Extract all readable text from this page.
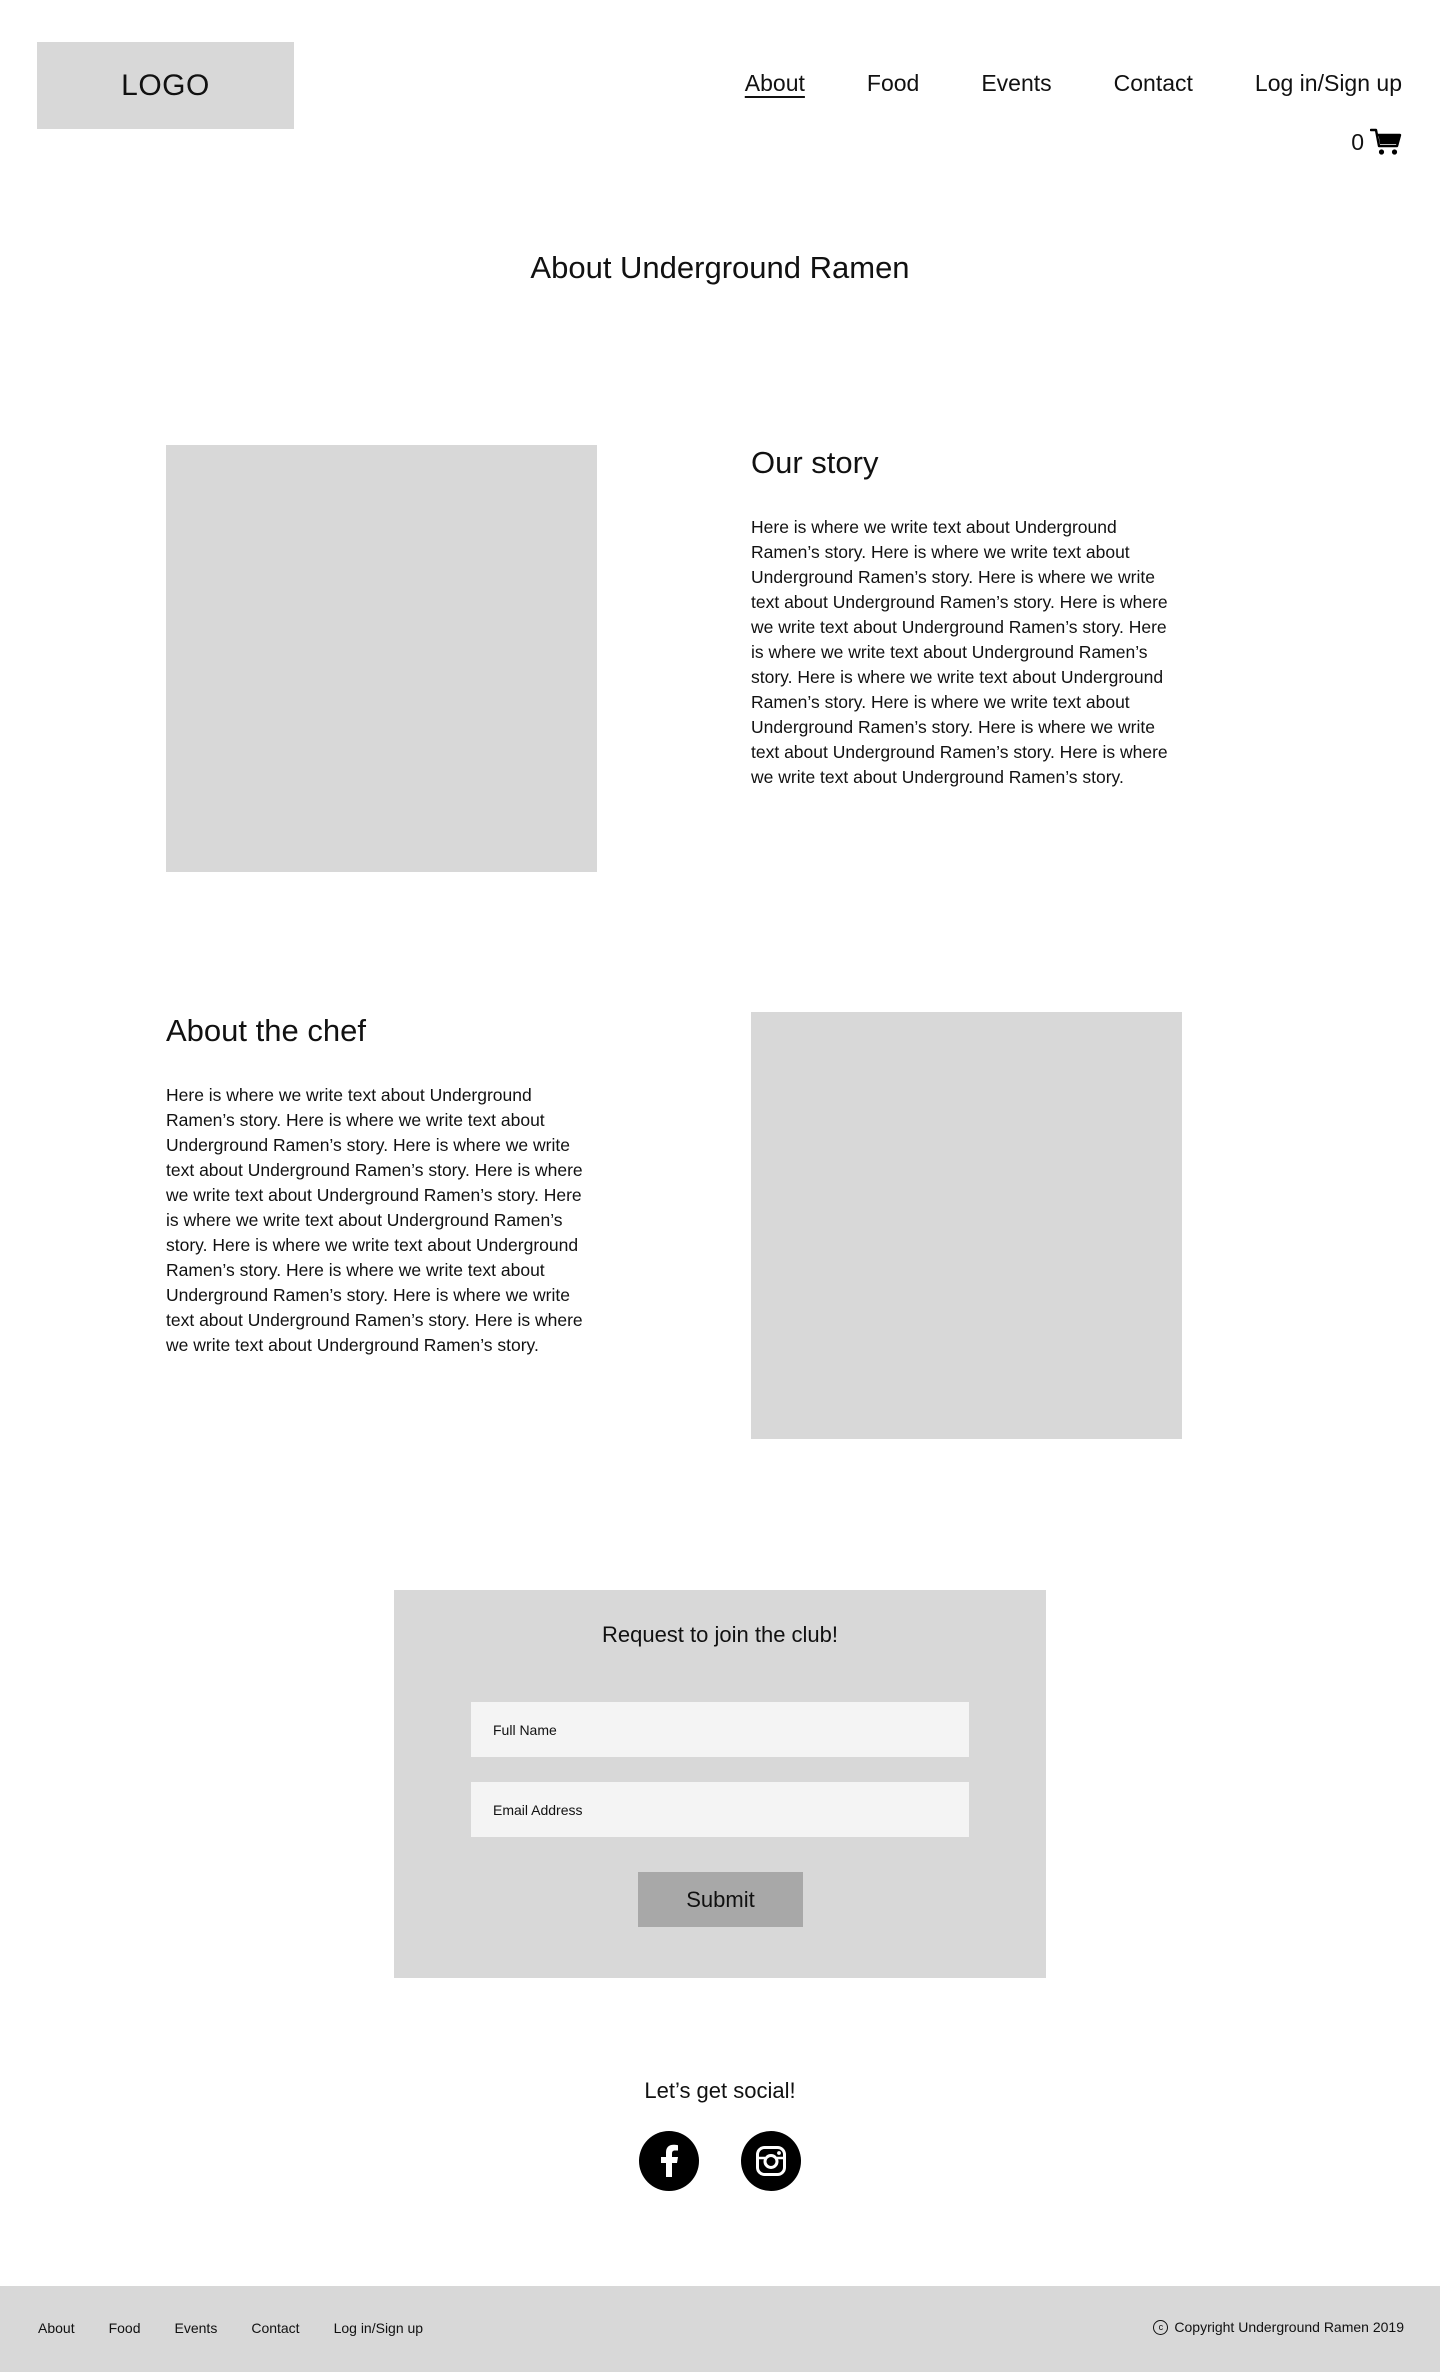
LOGO	About	Food	Events	Contact	Log in/Sign up
0
About Underground Ramen
Our story

Here is where we write text about Underground Ramen’s story. Here is where we write text about Underground Ramen’s story. Here is where we write text about Underground Ramen’s story. Here is where we write text about Underground Ramen’s story. Here is where we write text about Underground Ramen’s story. Here is where we write text about Underground Ramen’s story. Here is where we write text about Underground Ramen’s story. Here is where we write text about Underground Ramen’s story. Here is where we write text about Underground Ramen’s story.

About the chef

Here is where we write text about Underground Ramen’s story. Here is where we write text about Underground Ramen’s story. Here is where we write text about Underground Ramen’s story. Here is where we write text about Underground Ramen’s story. Here is where we write text about Underground Ramen’s story. Here is where we write text about Underground Ramen’s story. Here is where we write text about Underground Ramen’s story. Here is where we write text about Underground Ramen’s story. Here is where we write text about Underground Ramen’s story.

Request to join the club!
Full Name
Email Address
Submit
Let’s get social!
About Food Events Contact Log in/Sign up	c Copyright Underground Ramen 2019
